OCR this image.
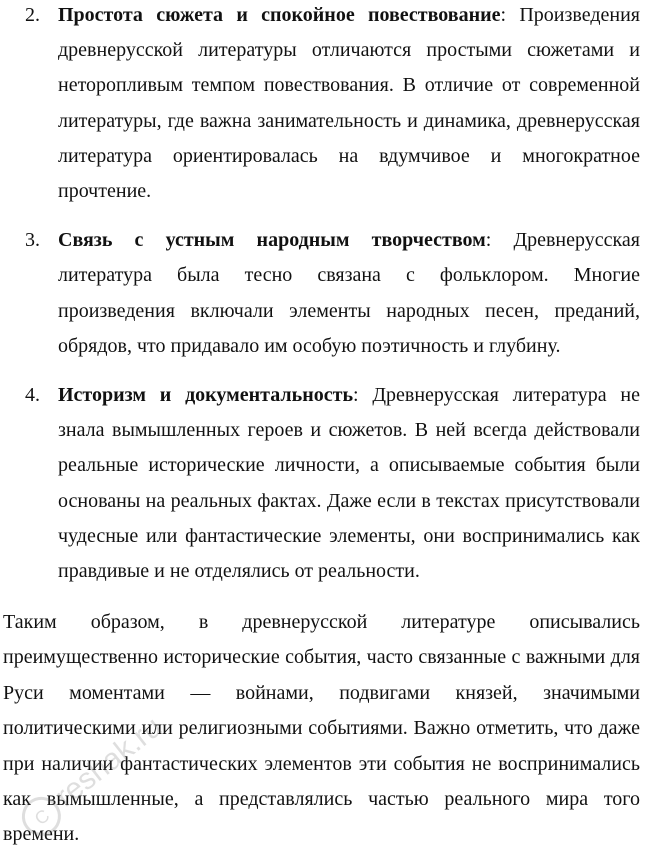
2. Простота сюжета и спокойное повествование: Произведения древнерусской литературы отличаются простыми сюжетами и неторопливым темпом повествования. В отличие от современной литературы, где важна занимательность и динамика, древнерусская литература ориентировалась на вдумчивое и многократное прочтение.
3. Связь с устным народным творчеством: Древнерусская литература была тесно связана с фольклором. Многие произведения включали элементы народных песен, преданий, обрядов, что придавало им особую поэтичность и глубину.
4. Историзм и документальность: Древнерусская литература не знала вымышленных героев и сюжетов. В ней всегда действовали реальные исторические личности, а описываемые события были основаны на реальных фактах. Даже если в текстах присутствовали чудесные или фантастические элементы, они воспринимались как правдивые и не отделялись от реальности.

Таким образом, в древнерусской литературе описывались преимущественно исторические события, часто связанные с важными для Руси моментами — войнами, подвигами князей, значимыми политическими или религиозными событиями. Важно отметить, что даже при наличии фантастических элементов эти события не воспринимались как вымышленные, а представлялись частью реального мира того времени.

C
reshak.ru
